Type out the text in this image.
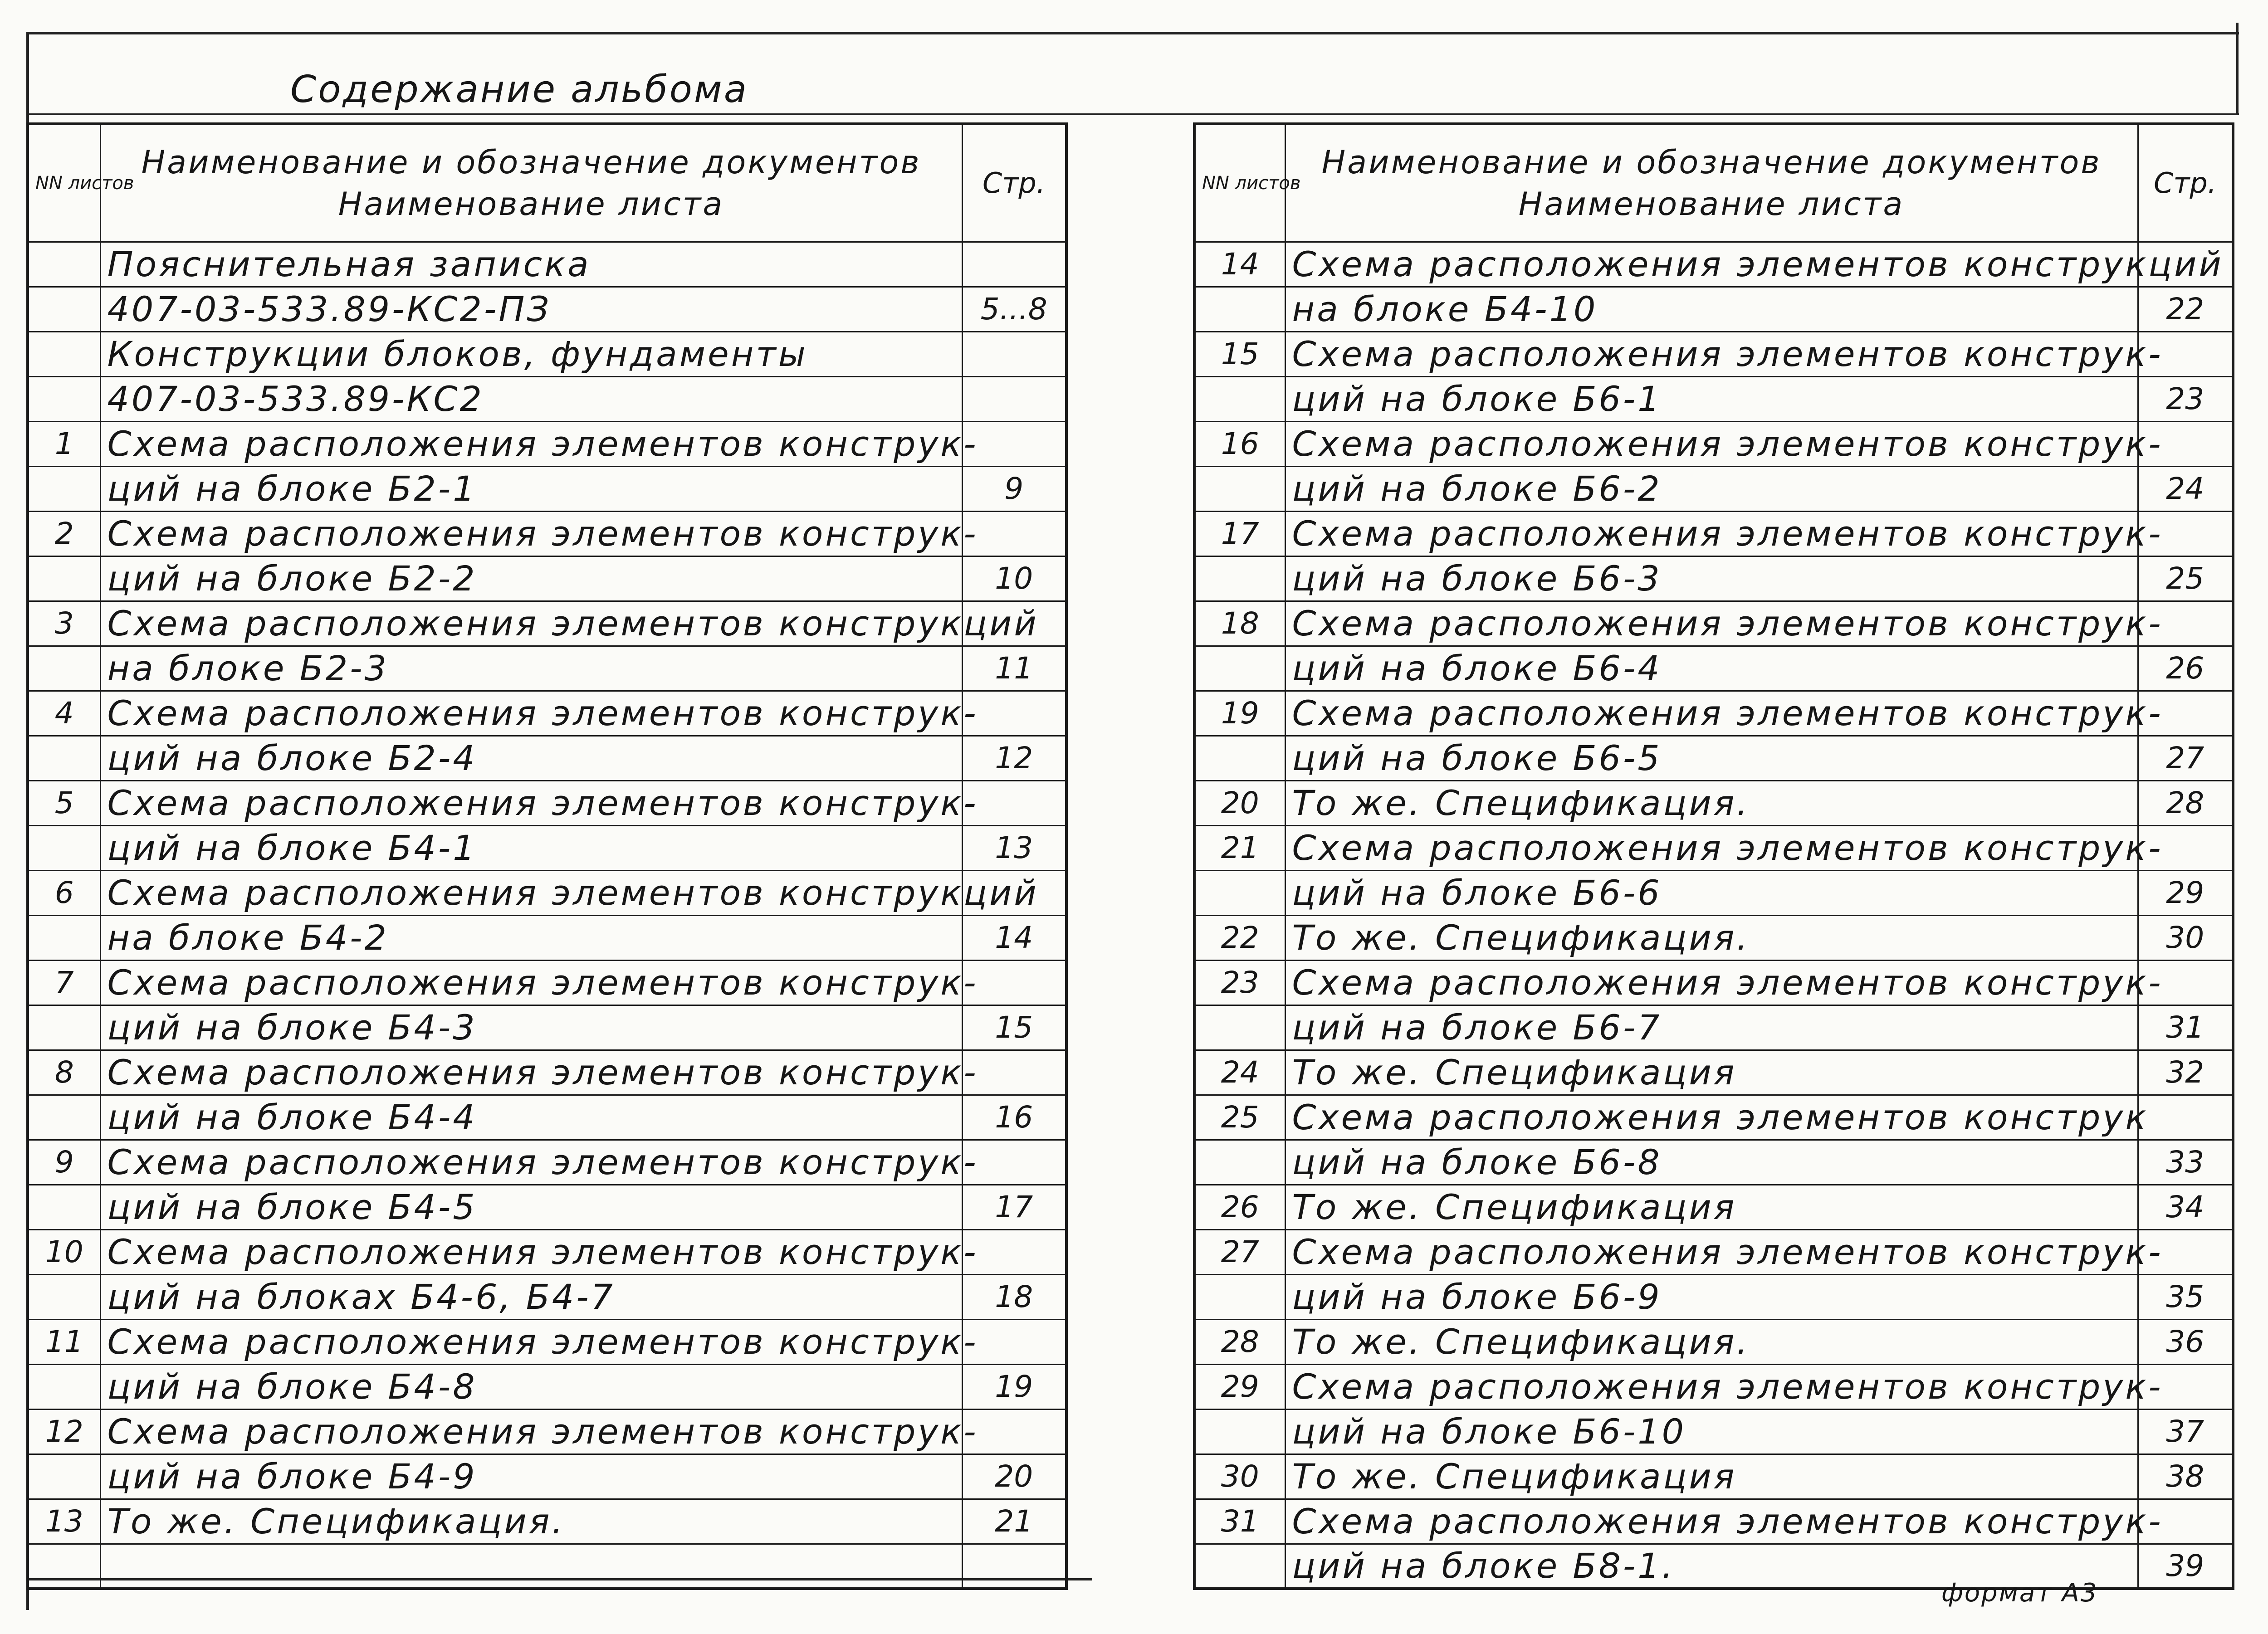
Содержание альбома
NN листов	Наименование и обозначение документов
Наименование листа	Стр.
	Пояснительная записка	
	407-03-533.89-КС2-ПЗ	5...8
	Конструкции блоков, фундаменты	
	407-03-533.89-КС2	
1	Схема расположения элементов конструк-	
	ций на блоке Б2-1	9
2	Схема расположения элементов конструк-	
	ций на блоке Б2-2	10
3	Схема расположения элементов конструкций	
	на блоке Б2-3	11
4	Схема расположения элементов конструк-	
	ций на блоке Б2-4	12
5	Схема расположения элементов конструк-	
	ций на блоке Б4-1	13
6	Схема расположения элементов конструкций	
	на блоке Б4-2	14
7	Схема расположения элементов конструк-	
	ций на блоке Б4-3	15
8	Схема расположения элементов конструк-	
	ций на блоке Б4-4	16
9	Схема расположения элементов конструк-	
	ций на блоке Б4-5	17
10	Схема расположения элементов конструк-	
	ций на блоках Б4-6, Б4-7	18
11	Схема расположения элементов конструк-	
	ций на блоке Б4-8	19
12	Схема расположения элементов конструк-	
	ций на блоке Б4-9	20
13	То же. Спецификация.	21

NN листов	Наименование и обозначение документов
Наименование листа	Стр.
14	Схема расположения элементов конструкций	
	на блоке Б4-10	22
15	Схема расположения элементов конструк-	
	ций на блоке Б6-1	23
16	Схема расположения элементов конструк-	
	ций на блоке Б6-2	24
17	Схема расположения элементов конструк-	
	ций на блоке Б6-3	25
18	Схема расположения элементов конструк-	
	ций на блоке Б6-4	26
19	Схема расположения элементов конструк-	
	ций на блоке Б6-5	27
20	То же. Спецификация.	28
21	Схема расположения элементов конструк-	
	ций на блоке Б6-6	29
22	То же. Спецификация.	30
23	Схема расположения элементов конструк-	
	ций на блоке Б6-7	31
24	То же. Спецификация	32
25	Схема расположения элементов конструк	
	ций на блоке Б6-8	33
26	То же. Спецификация	34
27	Схема расположения элементов конструк-	
	ций на блоке Б6-9	35
28	То же. Спецификация.	36
29	Схема расположения элементов конструк-	
	ций на блоке Б6-10	37
30	То же. Спецификация	38
31	Схема расположения элементов конструк-	
	ций на блоке Б8-1.	39
формат А3
